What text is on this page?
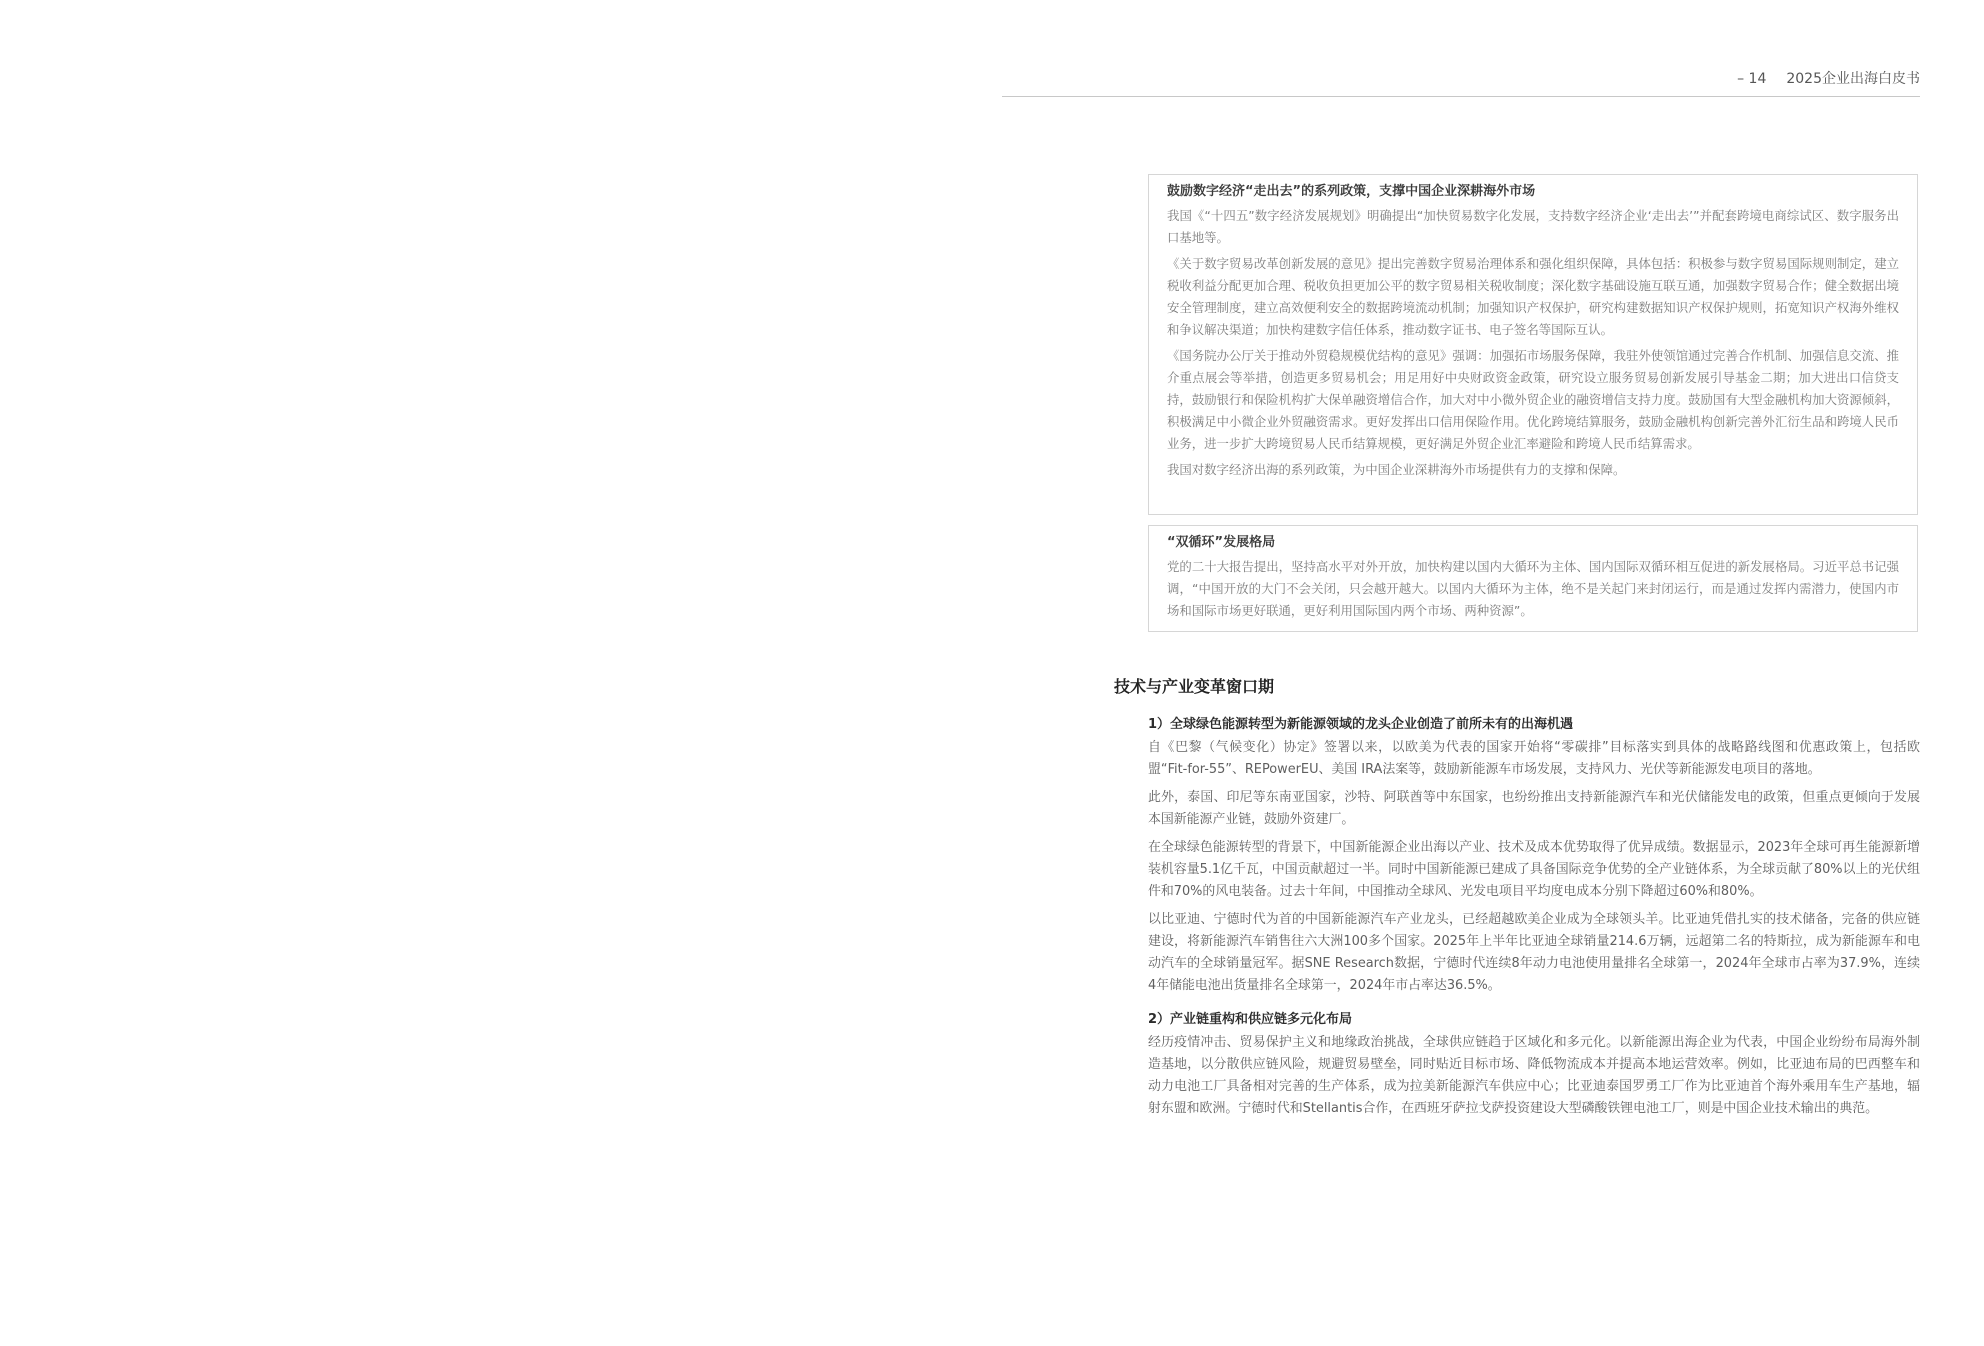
– 14 2025企业出海白皮书
鼓励数字经济“走出去”的系列政策，支撑中国企业深耕海外市场

我国《“十四五”数字经济发展规划》明确提出“加快贸易数字化发展，支持数字经济企业‘走出去’”并配套跨境电商综试区、数字服务出口基地等。

《关于数字贸易改革创新发展的意见》提出完善数字贸易治理体系和强化组织保障，具体包括：积极参与数字贸易国际规则制定，建立税收利益分配更加合理、税收负担更加公平的数字贸易相关税收制度；深化数字基础设施互联互通，加强数字贸易合作；健全数据出境安全管理制度，建立高效便利安全的数据跨境流动机制；加强知识产权保护，研究构建数据知识产权保护规则，拓宽知识产权海外维权和争议解决渠道；加快构建数字信任体系，推动数字证书、电子签名等国际互认。

《国务院办公厅关于推动外贸稳规模优结构的意见》强调：加强拓市场服务保障，我驻外使领馆通过完善合作机制、加强信息交流、推介重点展会等举措，创造更多贸易机会；用足用好中央财政资金政策，研究设立服务贸易创新发展引导基金二期；加大进出口信贷支持，鼓励银行和保险机构扩大保单融资增信合作，加大对中小微外贸企业的融资增信支持力度。鼓励国有大型金融机构加大资源倾斜，积极满足中小微企业外贸融资需求。更好发挥出口信用保险作用。优化跨境结算服务，鼓励金融机构创新完善外汇衍生品和跨境人民币业务，进一步扩大跨境贸易人民币结算规模，更好满足外贸企业汇率避险和跨境人民币结算需求。

我国对数字经济出海的系列政策，为中国企业深耕海外市场提供有力的支撑和保障。

“双循环”发展格局

党的二十大报告提出，坚持高水平对外开放，加快构建以国内大循环为主体、国内国际双循环相互促进的新发展格局。习近平总书记强调，“中国开放的大门不会关闭，只会越开越大。以国内大循环为主体，绝不是关起门来封闭运行，而是通过发挥内需潜力，使国内市场和国际市场更好联通，更好利用国际国内两个市场、两种资源”。

技术与产业变革窗口期
1）全球绿色能源转型为新能源领域的龙头企业创造了前所未有的出海机遇

自《巴黎（气候变化）协定》签署以来，以欧美为代表的国家开始将“零碳排”目标落实到具体的战略路线图和优惠政策上，包括欧盟“Fit-for-55”、REPowerEU、美国 IRA法案等，鼓励新能源车市场发展，支持风力、光伏等新能源发电项目的落地。

此外，泰国、印尼等东南亚国家，沙特、阿联酋等中东国家，也纷纷推出支持新能源汽车和光伏储能发电的政策，但重点更倾向于发展本国新能源产业链，鼓励外资建厂。

在全球绿色能源转型的背景下，中国新能源企业出海以产业、技术及成本优势取得了优异成绩。数据显示，2023年全球可再生能源新增装机容量5.1亿千瓦，中国贡献超过一半。同时中国新能源已建成了具备国际竞争优势的全产业链体系，为全球贡献了80%以上的光伏组件和70%的风电装备。过去十年间，中国推动全球风、光发电项目平均度电成本分别下降超过60%和80%。

以比亚迪、宁德时代为首的中国新能源汽车产业龙头，已经超越欧美企业成为全球领头羊。比亚迪凭借扎实的技术储备，完备的供应链建设，将新能源汽车销售往六大洲100多个国家。2025年上半年比亚迪全球销量214.6万辆，远超第二名的特斯拉，成为新能源车和电动汽车的全球销量冠军。据SNE Research数据，宁德时代连续8年动力电池使用量排名全球第一，2024年全球市占率为37.9%，连续4年储能电池出货量排名全球第一，2024年市占率达36.5%。

2）产业链重构和供应链多元化布局

经历疫情冲击、贸易保护主义和地缘政治挑战，全球供应链趋于区域化和多元化。以新能源出海企业为代表，中国企业纷纷布局海外制造基地，以分散供应链风险，规避贸易壁垒，同时贴近目标市场、降低物流成本并提高本地运营效率。例如，比亚迪布局的巴西整车和动力电池工厂具备相对完善的生产体系，成为拉美新能源汽车供应中心；比亚迪泰国罗勇工厂作为比亚迪首个海外乘用车生产基地，辐射东盟和欧洲。宁德时代和Stellantis合作，在西班牙萨拉戈萨投资建设大型磷酸铁锂电池工厂，则是中国企业技术输出的典范。
